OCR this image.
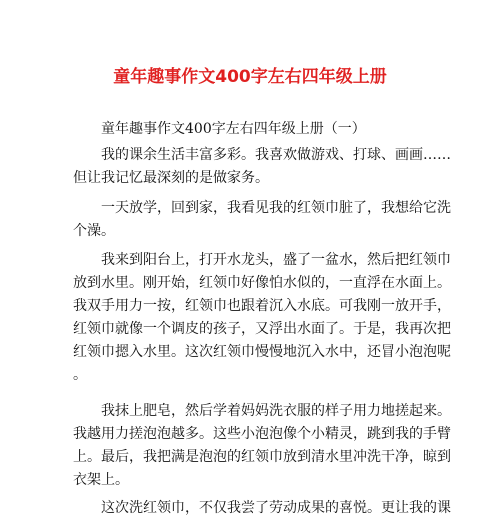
童年趣事作文400字左右四年级上册
童年趣事作文400字左右四年级上册（一）
我的课余生活丰富多彩。我喜欢做游戏、打球、画画……
但让我记忆最深刻的是做家务。
一天放学，回到家，我看见我的红领巾脏了，我想给它洗
个澡。
我来到阳台上，打开水龙头，盛了一盆水，然后把红领巾
放到水里。刚开始，红领巾好像怕水似的，一直浮在水面上。
我双手用力一按，红领巾也跟着沉入水底。可我刚一放开手，
红领巾就像一个调皮的孩子，又浮出水面了。于是，我再次把
红领巾摁入水里。这次红领巾慢慢地沉入水中，还冒小泡泡呢
。
我抹上肥皂，然后学着妈妈洗衣服的样子用力地搓起来。
我越用力搓泡泡越多。这些小泡泡像个小精灵，跳到我的手臂
上。最后，我把满是泡泡的红领巾放到清水里冲洗干净，晾到
衣架上。
这次洗红领巾，不仅我尝了劳动成果的喜悦。更让我的课
